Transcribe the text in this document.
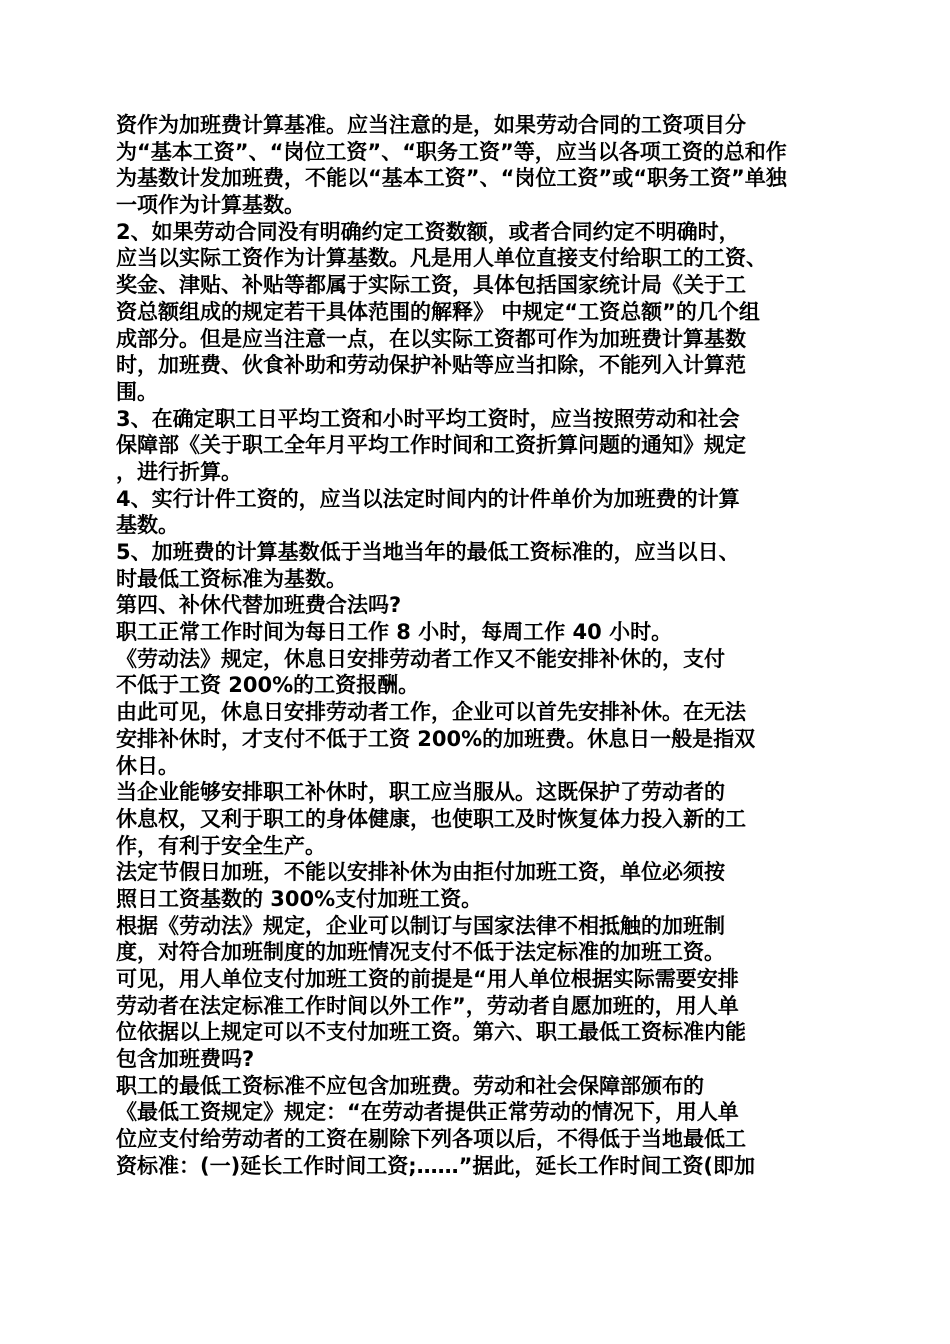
资作为加班费计算基准。应当注意的是，如果劳动合同的工资项目分
为“基本工资”、“岗位工资”、“职务工资”等，应当以各项工资的总和作
为基数计发加班费，不能以“基本工资”、“岗位工资”或“职务工资”单独
一项作为计算基数。
2、如果劳动合同没有明确约定工资数额，或者合同约定不明确时，
应当以实际工资作为计算基数。凡是用人单位直接支付给职工的工资、
奖金、津贴、补贴等都属于实际工资，具体包括国家统计局《关于工
资总额组成的规定若干具体范围的解释》 中规定“工资总额”的几个组
成部分。但是应当注意一点，在以实际工资都可作为加班费计算基数
时，加班费、伙食补助和劳动保护补贴等应当扣除，不能列入计算范
围。
3、在确定职工日平均工资和小时平均工资时，应当按照劳动和社会
保障部《关于职工全年月平均工作时间和工资折算问题的通知》规定
，进行折算。
4、实行计件工资的，应当以法定时间内的计件单价为加班费的计算
基数。
5、加班费的计算基数低于当地当年的最低工资标准的，应当以日、
时最低工资标准为基数。
第四、补休代替加班费合法吗?
职工正常工作时间为每日工作 8 小时，每周工作 40 小时。
《劳动法》规定，休息日安排劳动者工作又不能安排补休的，支付
不低于工资 200%的工资报酬。
由此可见，休息日安排劳动者工作，企业可以首先安排补休。在无法
安排补休时，才支付不低于工资 200%的加班费。休息日一般是指双
休日。
当企业能够安排职工补休时，职工应当服从。这既保护了劳动者的
休息权，又利于职工的身体健康，也使职工及时恢复体力投入新的工
作，有利于安全生产。
法定节假日加班，不能以安排补休为由拒付加班工资，单位必须按
照日工资基数的 300%支付加班工资。
根据《劳动法》规定，企业可以制订与国家法律不相抵触的加班制
度，对符合加班制度的加班情况支付不低于法定标准的加班工资。
可见，用人单位支付加班工资的前提是“用人单位根据实际需要安排
劳动者在法定标准工作时间以外工作”，劳动者自愿加班的，用人单
位依据以上规定可以不支付加班工资。第六、职工最低工资标准内能
包含加班费吗?
职工的最低工资标准不应包含加班费。劳动和社会保障部颁布的
《最低工资规定》规定：“在劳动者提供正常劳动的情况下，用人单
位应支付给劳动者的工资在剔除下列各项以后，不得低于当地最低工
资标准：(一)延长工作时间工资;……”据此，延长工作时间工资(即加
